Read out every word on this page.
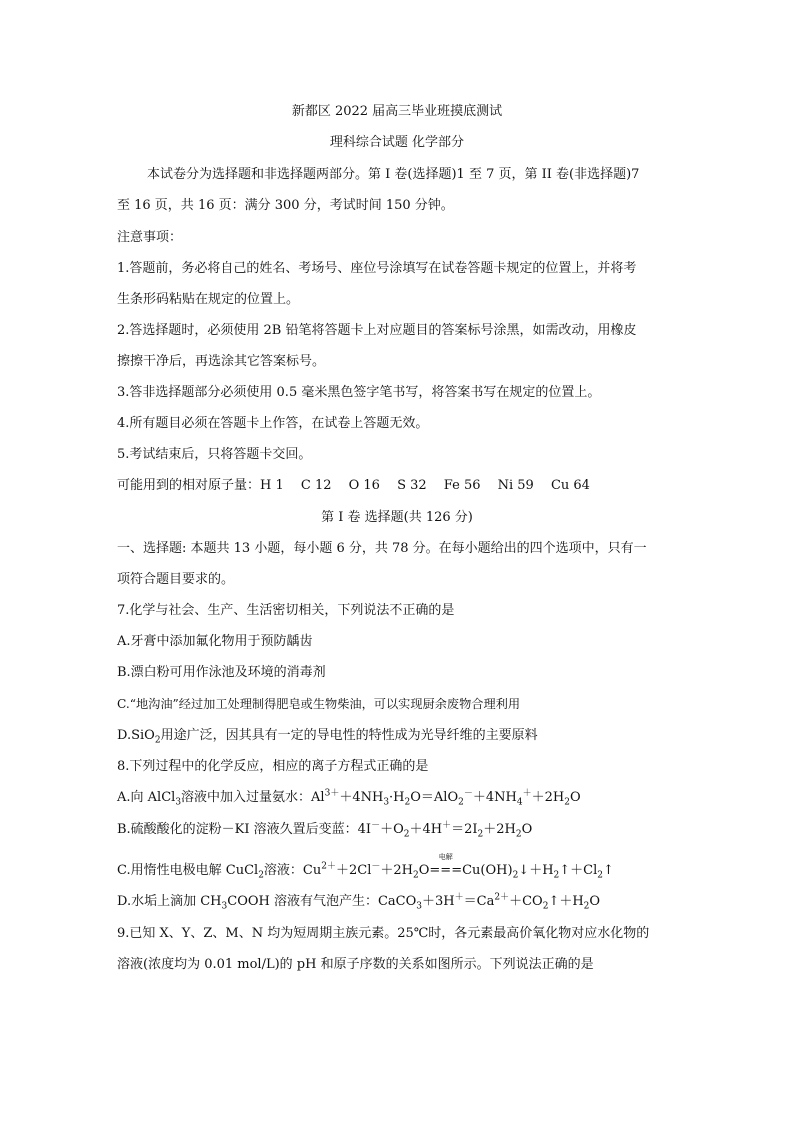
新都区 2022 届高三毕业班摸底测试
理科综合试题 化学部分
本试卷分为选择题和非选择题两部分。第 I 卷(选择题)1 至 7 页，第 II 卷(非选择题)7
至 16 页，共 16 页：满分 300 分，考试时间 150 分钟。
注意事项：
1.答题前，务必将自己的姓名、考场号、座位号涂填写在试卷答题卡规定的位置上，并将考
生条形码粘贴在规定的位置上。
2.答选择题时，必须使用 2B 铅笔将答题卡上对应题目的答案标号涂黑，如需改动，用橡皮
擦擦干净后，再选涂其它答案标号。
3.答非选择题部分必须使用 0.5 毫米黑色签字笔书写，将答案书写在规定的位置上。
4.所有题目必须在答题卡上作答，在试卷上答题无效。
5.考试结束后，只将答题卡交回。
可能用到的相对原子量：H 1　 C 12　 O 16　 S 32　 Fe 56　 Ni 59　 Cu 64
第 I 卷 选择题(共 126 分)
一、选择题: 本题共 13 小题，每小题 6 分，共 78 分。在每小题给出的四个选项中，只有一
项符合题目要求的。
7.化学与社会、生产、生活密切相关，下列说法不正确的是
A.牙膏中添加氟化物用于预防龋齿
B.漂白粉可用作泳池及环境的消毒剂
C.“地沟油”经过加工处理制得肥皂或生物柴油，可以实现厨余废物合理利用
D.SiO$_2$用途广泛，因其具有一定的导电性的特性成为光导纤维的主要原料
8.下列过程中的化学反应，相应的离子方程式正确的是
A.向 AlCl$_3$溶液中加入过量氨水：$Al^{3+}+4NH_3\cdot H_2O=AlO_2^-+4NH_4^++2H_2O$
B.硫酸酸化的淀粉－KI 溶液久置后变蓝：$4I^-+O_2+4H^+=2I_2+2H_2O$
C.用惰性电极电解 CuCl$_2$溶液：$Cu^{2+}+2Cl^-+2H_2O$
电解
$===Cu(OH)_2↓+H_2↑+Cl_2↑$
D.水垢上滴加 $CH_3COOH$ 溶液有气泡产生：$CaCO_3+3H^+=Ca^{2+}+CO_2↑+H_2O$
9.已知 X、Y、Z、M、N 均为短周期主族元素。25℃时，各元素最高价氧化物对应水化物的
溶液(浓度均为 0.01 mol/L)的 pH 和原子序数的关系如图所示。下列说法正确的是
